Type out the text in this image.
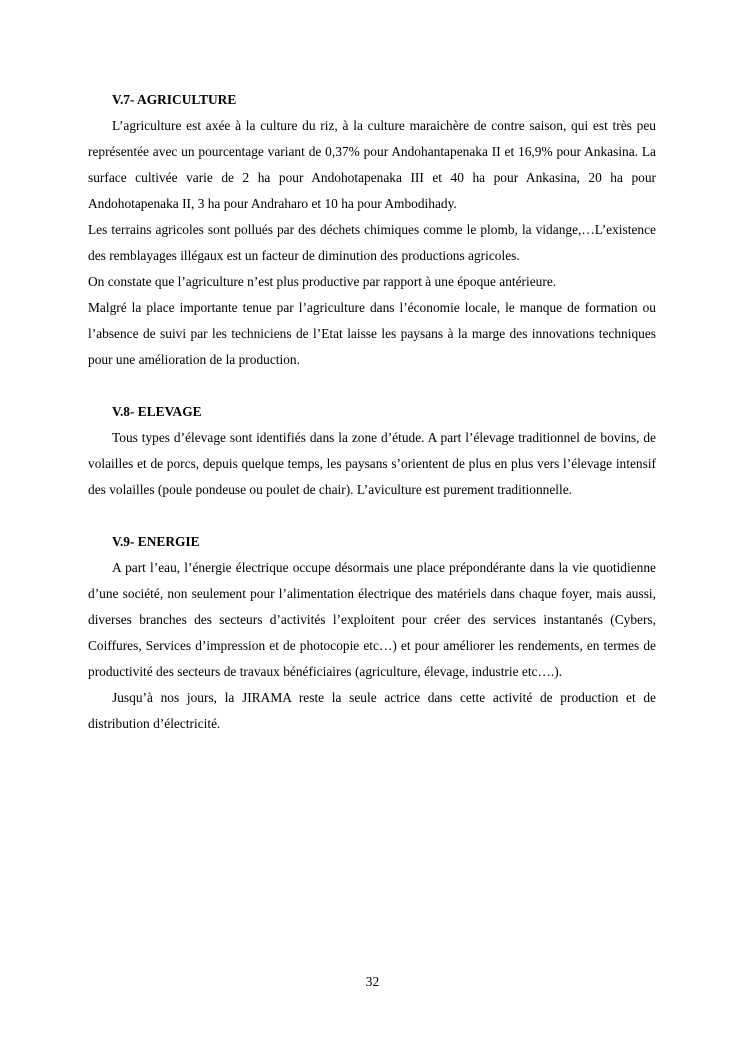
V.7- AGRICULTURE

L’agriculture est axée à la culture du riz, à la culture maraichère de contre saison, qui est très peu représentée avec un pourcentage variant de 0,37% pour Andohantapenaka II et 16,9% pour Ankasina. La surface cultivée varie de 2 ha pour Andohotapenaka III et 40 ha pour Ankasina, 20 ha pour Andohotapenaka II, 3 ha pour Andraharo et 10 ha pour Ambodihady.

Les terrains agricoles sont pollués par des déchets chimiques comme le plomb, la vidange,…L’existence des remblayages illégaux est un facteur de diminution des productions agricoles.

On constate que l’agriculture n’est plus productive par rapport à une époque antérieure.

Malgré la place importante tenue par l’agriculture dans l’économie locale, le manque de formation ou l’absence de suivi par les techniciens de l’Etat laisse les paysans à la marge des innovations techniques pour une amélioration de la production.

V.8- ELEVAGE

Tous types d’élevage sont identifiés dans la zone d’étude. A part l’élevage traditionnel de bovins, de volailles et de porcs, depuis quelque temps, les paysans s’orientent de plus en plus vers l’élevage intensif des volailles (poule pondeuse ou poulet de chair). L’aviculture est purement traditionnelle.

V.9- ENERGIE

A part l’eau, l’énergie électrique occupe désormais une place prépondérante dans la vie quotidienne d’une société, non seulement pour l’alimentation électrique des matériels dans chaque foyer, mais aussi, diverses branches des secteurs d’activités l’exploitent pour créer des services instantanés (Cybers, Coiffures, Services d’impression et de photocopie etc…) et pour améliorer les rendements, en termes de productivité des secteurs de travaux bénéficiaires (agriculture, élevage, industrie etc….).

Jusqu’à nos jours, la JIRAMA reste la seule actrice dans cette activité de production et de distribution d’électricité.

32
